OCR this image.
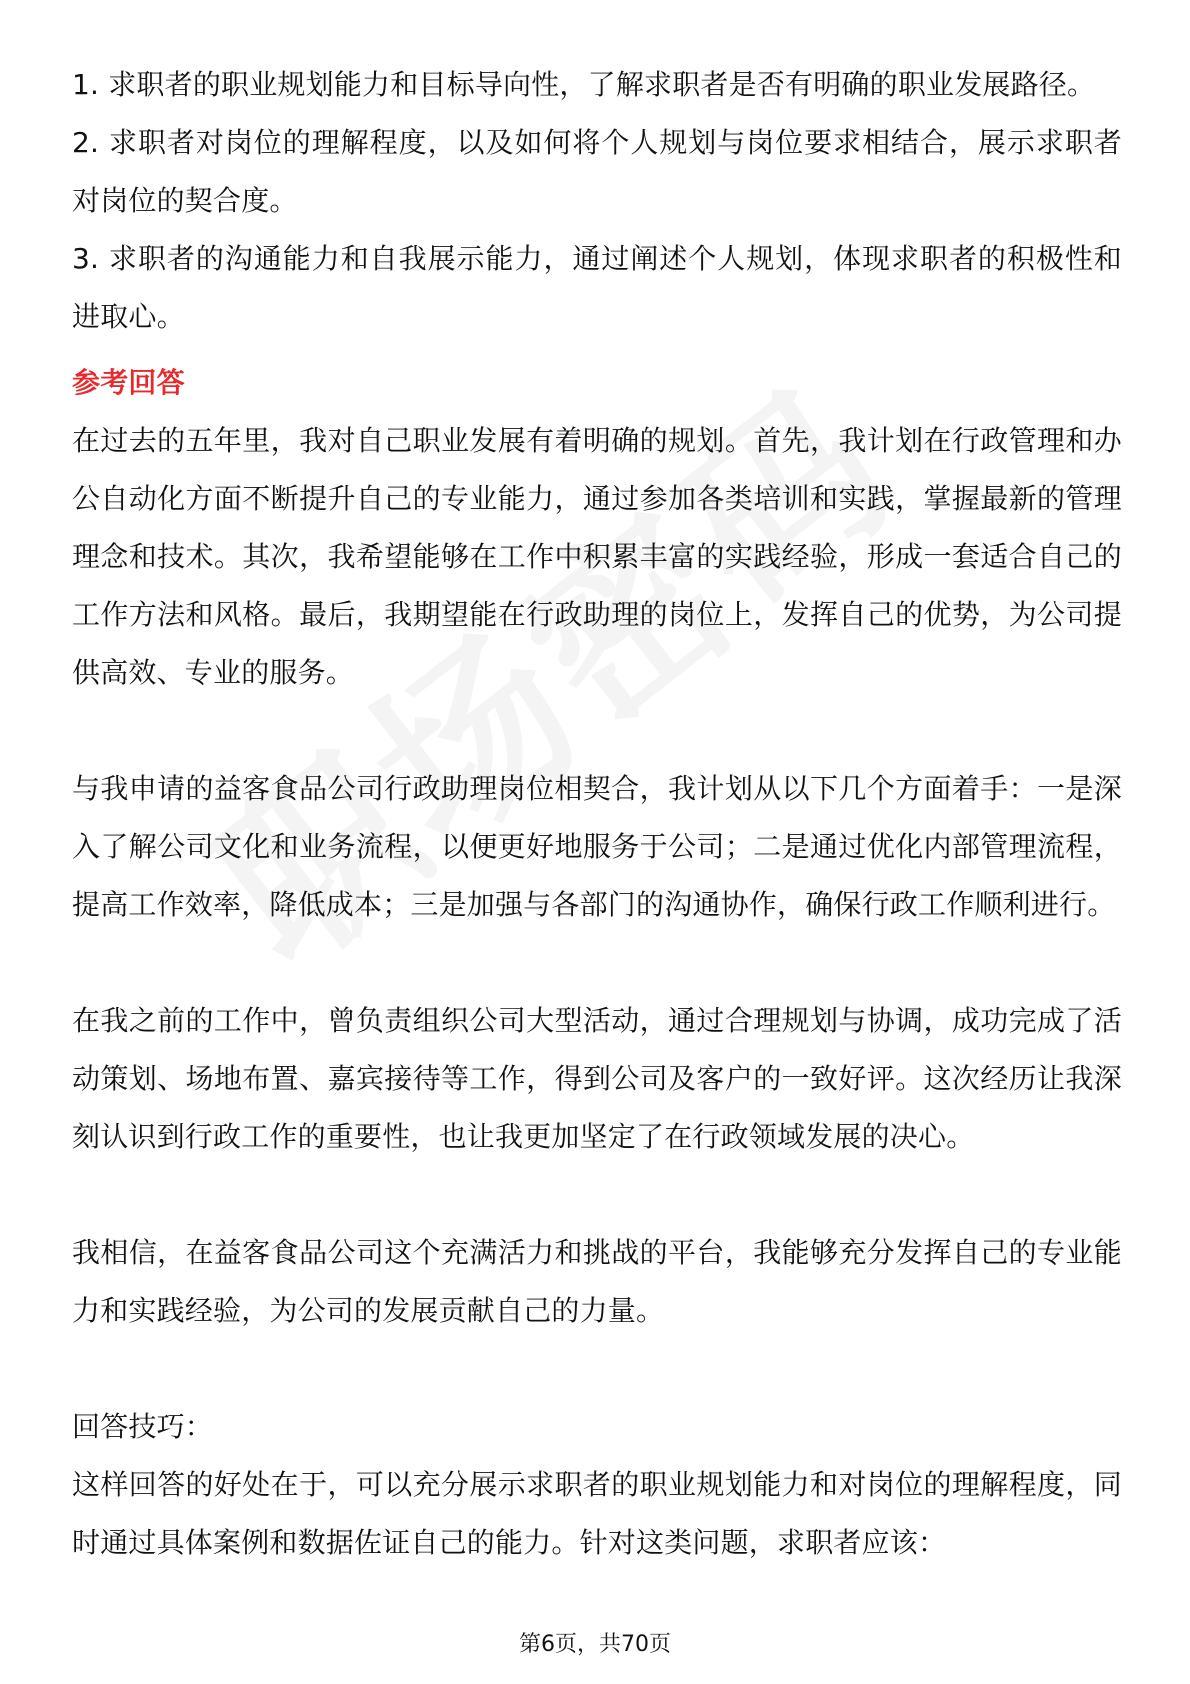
1. 求职者的职业规划能力和目标导向性，了解求职者是否有明确的职业发展路径。

2. 求职者对岗位的理解程度，以及如何将个人规划与岗位要求相结合，展示求职者对岗位的契合度。

3. 求职者的沟通能力和自我展示能力，通过阐述个人规划，体现求职者的积极性和进取心。

参考回答

在过去的五年里，我对自己职业发展有着明确的规划。首先，我计划在行政管理和办公自动化方面不断提升自己的专业能力，通过参加各类培训和实践，掌握最新的管理理念和技术。其次，我希望能够在工作中积累丰富的实践经验，形成一套适合自己的工作方法和风格。最后，我期望能在行政助理的岗位上，发挥自己的优势，为公司提供高效、专业的服务。

与我申请的益客食品公司行政助理岗位相契合，我计划从以下几个方面着手：一是深入了解公司文化和业务流程，以便更好地服务于公司；二是通过优化内部管理流程，提高工作效率，降低成本；三是加强与各部门的沟通协作，确保行政工作顺利进行。

在我之前的工作中，曾负责组织公司大型活动，通过合理规划与协调，成功完成了活动策划、场地布置、嘉宾接待等工作，得到公司及客户的一致好评。这次经历让我深刻认识到行政工作的重要性，也让我更加坚定了在行政领域发展的决心。

我相信，在益客食品公司这个充满活力和挑战的平台，我能够充分发挥自己的专业能力和实践经验，为公司的发展贡献自己的力量。

回答技巧：

这样回答的好处在于，可以充分展示求职者的职业规划能力和对岗位的理解程度，同时通过具体案例和数据佐证自己的能力。针对这类问题，求职者应该：

第6页，共70页
